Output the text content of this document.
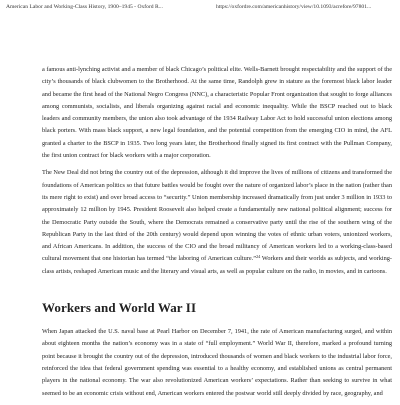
American Labor and Working-Class History, 1900–1945 - Oxford R...	https://oxfordre.com/americanhistory/view/10.1093/acrefore/97801...

a famous anti-lynching activist and a member of black Chicago’s political elite. Wells-Barnett brought respectability and the support of the city’s thousands of black clubwomen to the Brotherhood. At the same time, Randolph grew in stature as the foremost black labor leader and became the first head of the National Negro Congress (NNC), a characteristic Popular Front organization that sought to forge alliances among communists, socialists, and liberals organizing against racial and economic inequality. While the BSCP reached out to black leaders and community members, the union also took advantage of the 1934 Railway Labor Act to hold successful union elections among black porters. With mass black support, a new legal foundation, and the potential competition from the emerging CIO in mind, the AFL granted a charter to the BSCP in 1935. Two long years later, the Brotherhood finally signed its first contract with the Pullman Company, the first union contract for black workers with a major corporation.

The New Deal did not bring the country out of the depression, although it did improve the lives of millions of citizens and transformed the foundations of American politics so that future battles would be fought over the nature of organized labor’s place in the nation (rather than its mere right to exist) and over broad access to “security.” Union membership increased dramatically from just under 3 million in 1933 to approximately 12 million by 1945. President Roosevelt also helped create a fundamentally new national political alignment; success for the Democratic Party outside the South, where the Democrats remained a conservative party until the rise of the southern wing of the Republican Party in the last third of the 20th century) would depend upon winning the votes of ethnic urban voters, unionized workers, and African Americans. In addition, the success of the CIO and the broad militancy of American workers led to a working-class-based cultural movement that one historian has termed “the laboring of American culture.”$^{24}$ Workers and their worlds as subjects, and working-class artists, reshaped American music and the literary and visual arts, as well as popular culture on the radio, in movies, and in cartoons.

Workers and World War II

When Japan attacked the U.S. naval base at Pearl Harbor on December 7, 1941, the rate of American manufacturing surged, and within about eighteen months the nation’s economy was in a state of “full employment.” World War II, therefore, marked a profound turning point because it brought the country out of the depression, introduced thousands of women and black workers to the industrial labor force, reinforced the idea that federal government spending was essential to a healthy economy, and established unions as central permanent players in the national economy. The war also revolutionized American workers’ expectations. Rather than seeking to survive in what seemed to be an economic crisis without end, American workers entered the postwar world still deeply divided by race, geography, and
